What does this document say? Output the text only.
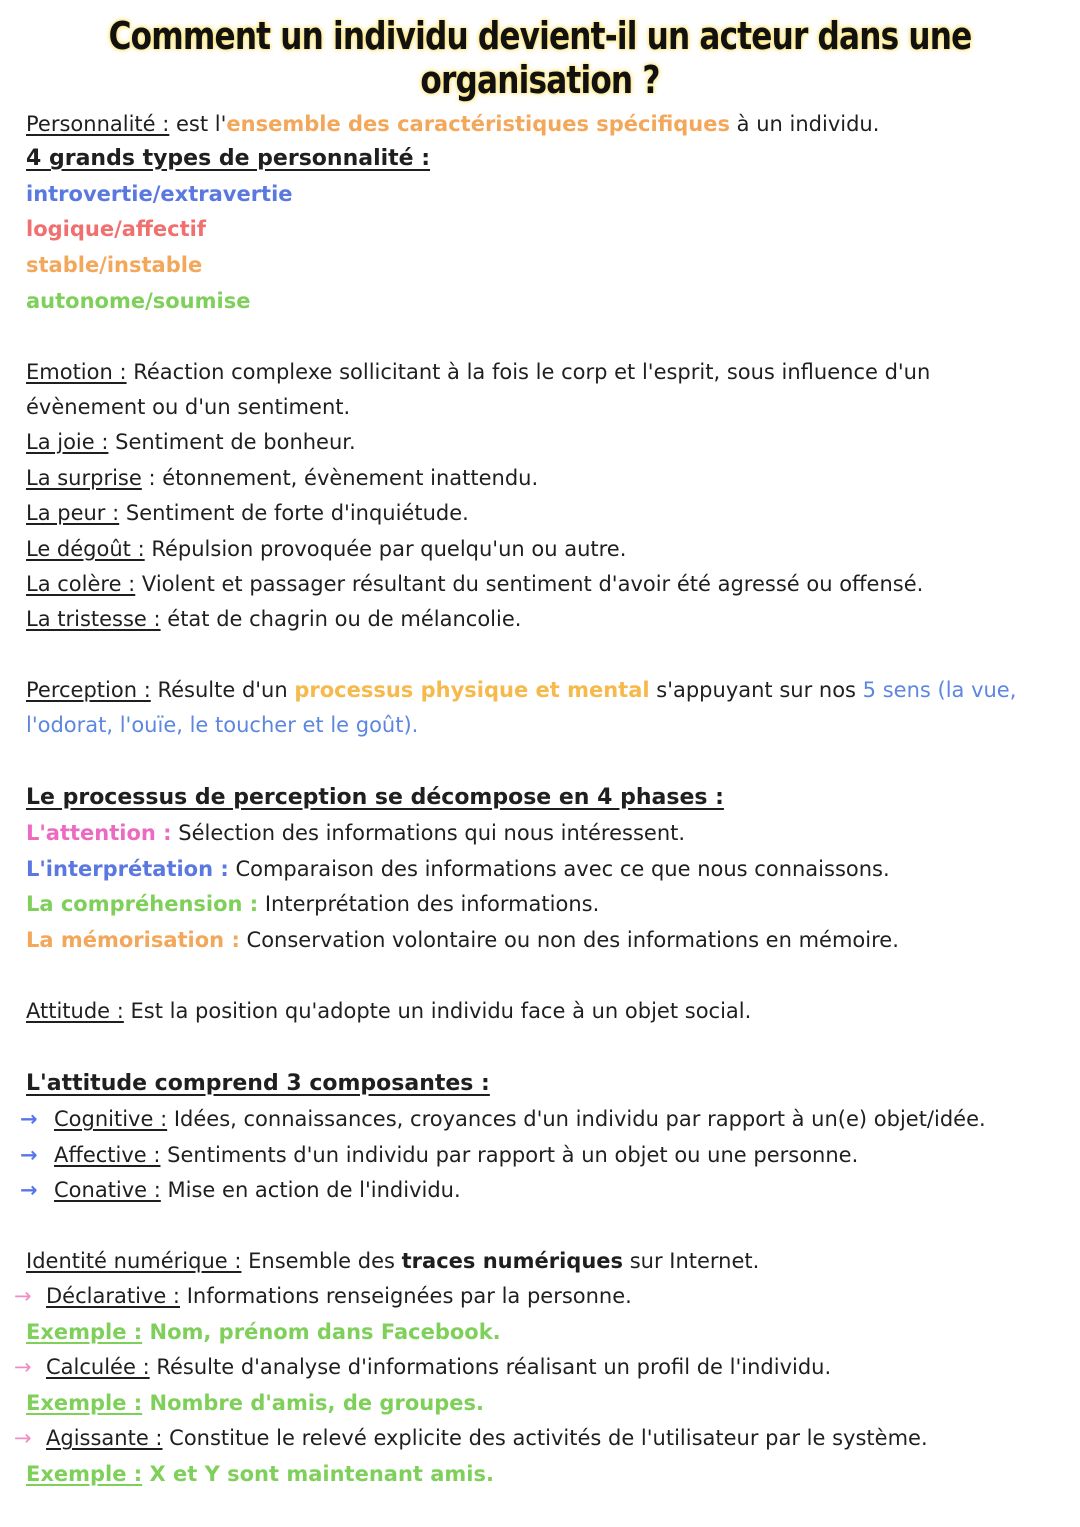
Comment un individu devient-il un acteur dans une
organisation ?
Personnalité : est l'ensemble des caractéristiques spécifiques à un individu.
4 grands types de personnalité :
introvertie/extravertie
logique/affectif
stable/instable
autonome/soumise
Emotion : Réaction complexe sollicitant à la fois le corp et l'esprit, sous influence d'un
évènement ou d'un sentiment.
La joie : Sentiment de bonheur.
La surprise : étonnement, évènement inattendu.
La peur : Sentiment de forte d'inquiétude.
Le dégoût : Répulsion provoquée par quelqu'un ou autre.
La colère : Violent et passager résultant du sentiment d'avoir été agressé ou offensé.
La tristesse : état de chagrin ou de mélancolie.
Perception : Résulte d'un processus physique et mental s'appuyant sur nos 5 sens (la vue,
l'odorat, l'ouïe, le toucher et le goût).
Le processus de perception se décompose en 4 phases :
L'attention : Sélection des informations qui nous intéressent.
L'interprétation : Comparaison des informations avec ce que nous connaissons.
La compréhension : Interprétation des informations.
La mémorisation : Conservation volontaire ou non des informations en mémoire.
Attitude : Est la position qu'adopte un individu face à un objet social.
L'attitude comprend 3 composantes :
→ Cognitive : Idées, connaissances, croyances d'un individu par rapport à un(e) objet/idée.
→ Affective : Sentiments d'un individu par rapport à un objet ou une personne.
→ Conative : Mise en action de l'individu.
Identité numérique : Ensemble des traces numériques sur Internet.
→ Déclarative : Informations renseignées par la personne.
Exemple : Nom, prénom dans Facebook.
→ Calculée : Résulte d'analyse d'informations réalisant un profil de l'individu.
Exemple : Nombre d'amis, de groupes.
→ Agissante : Constitue le relevé explicite des activités de l'utilisateur par le système.
Exemple : X et Y sont maintenant amis.
